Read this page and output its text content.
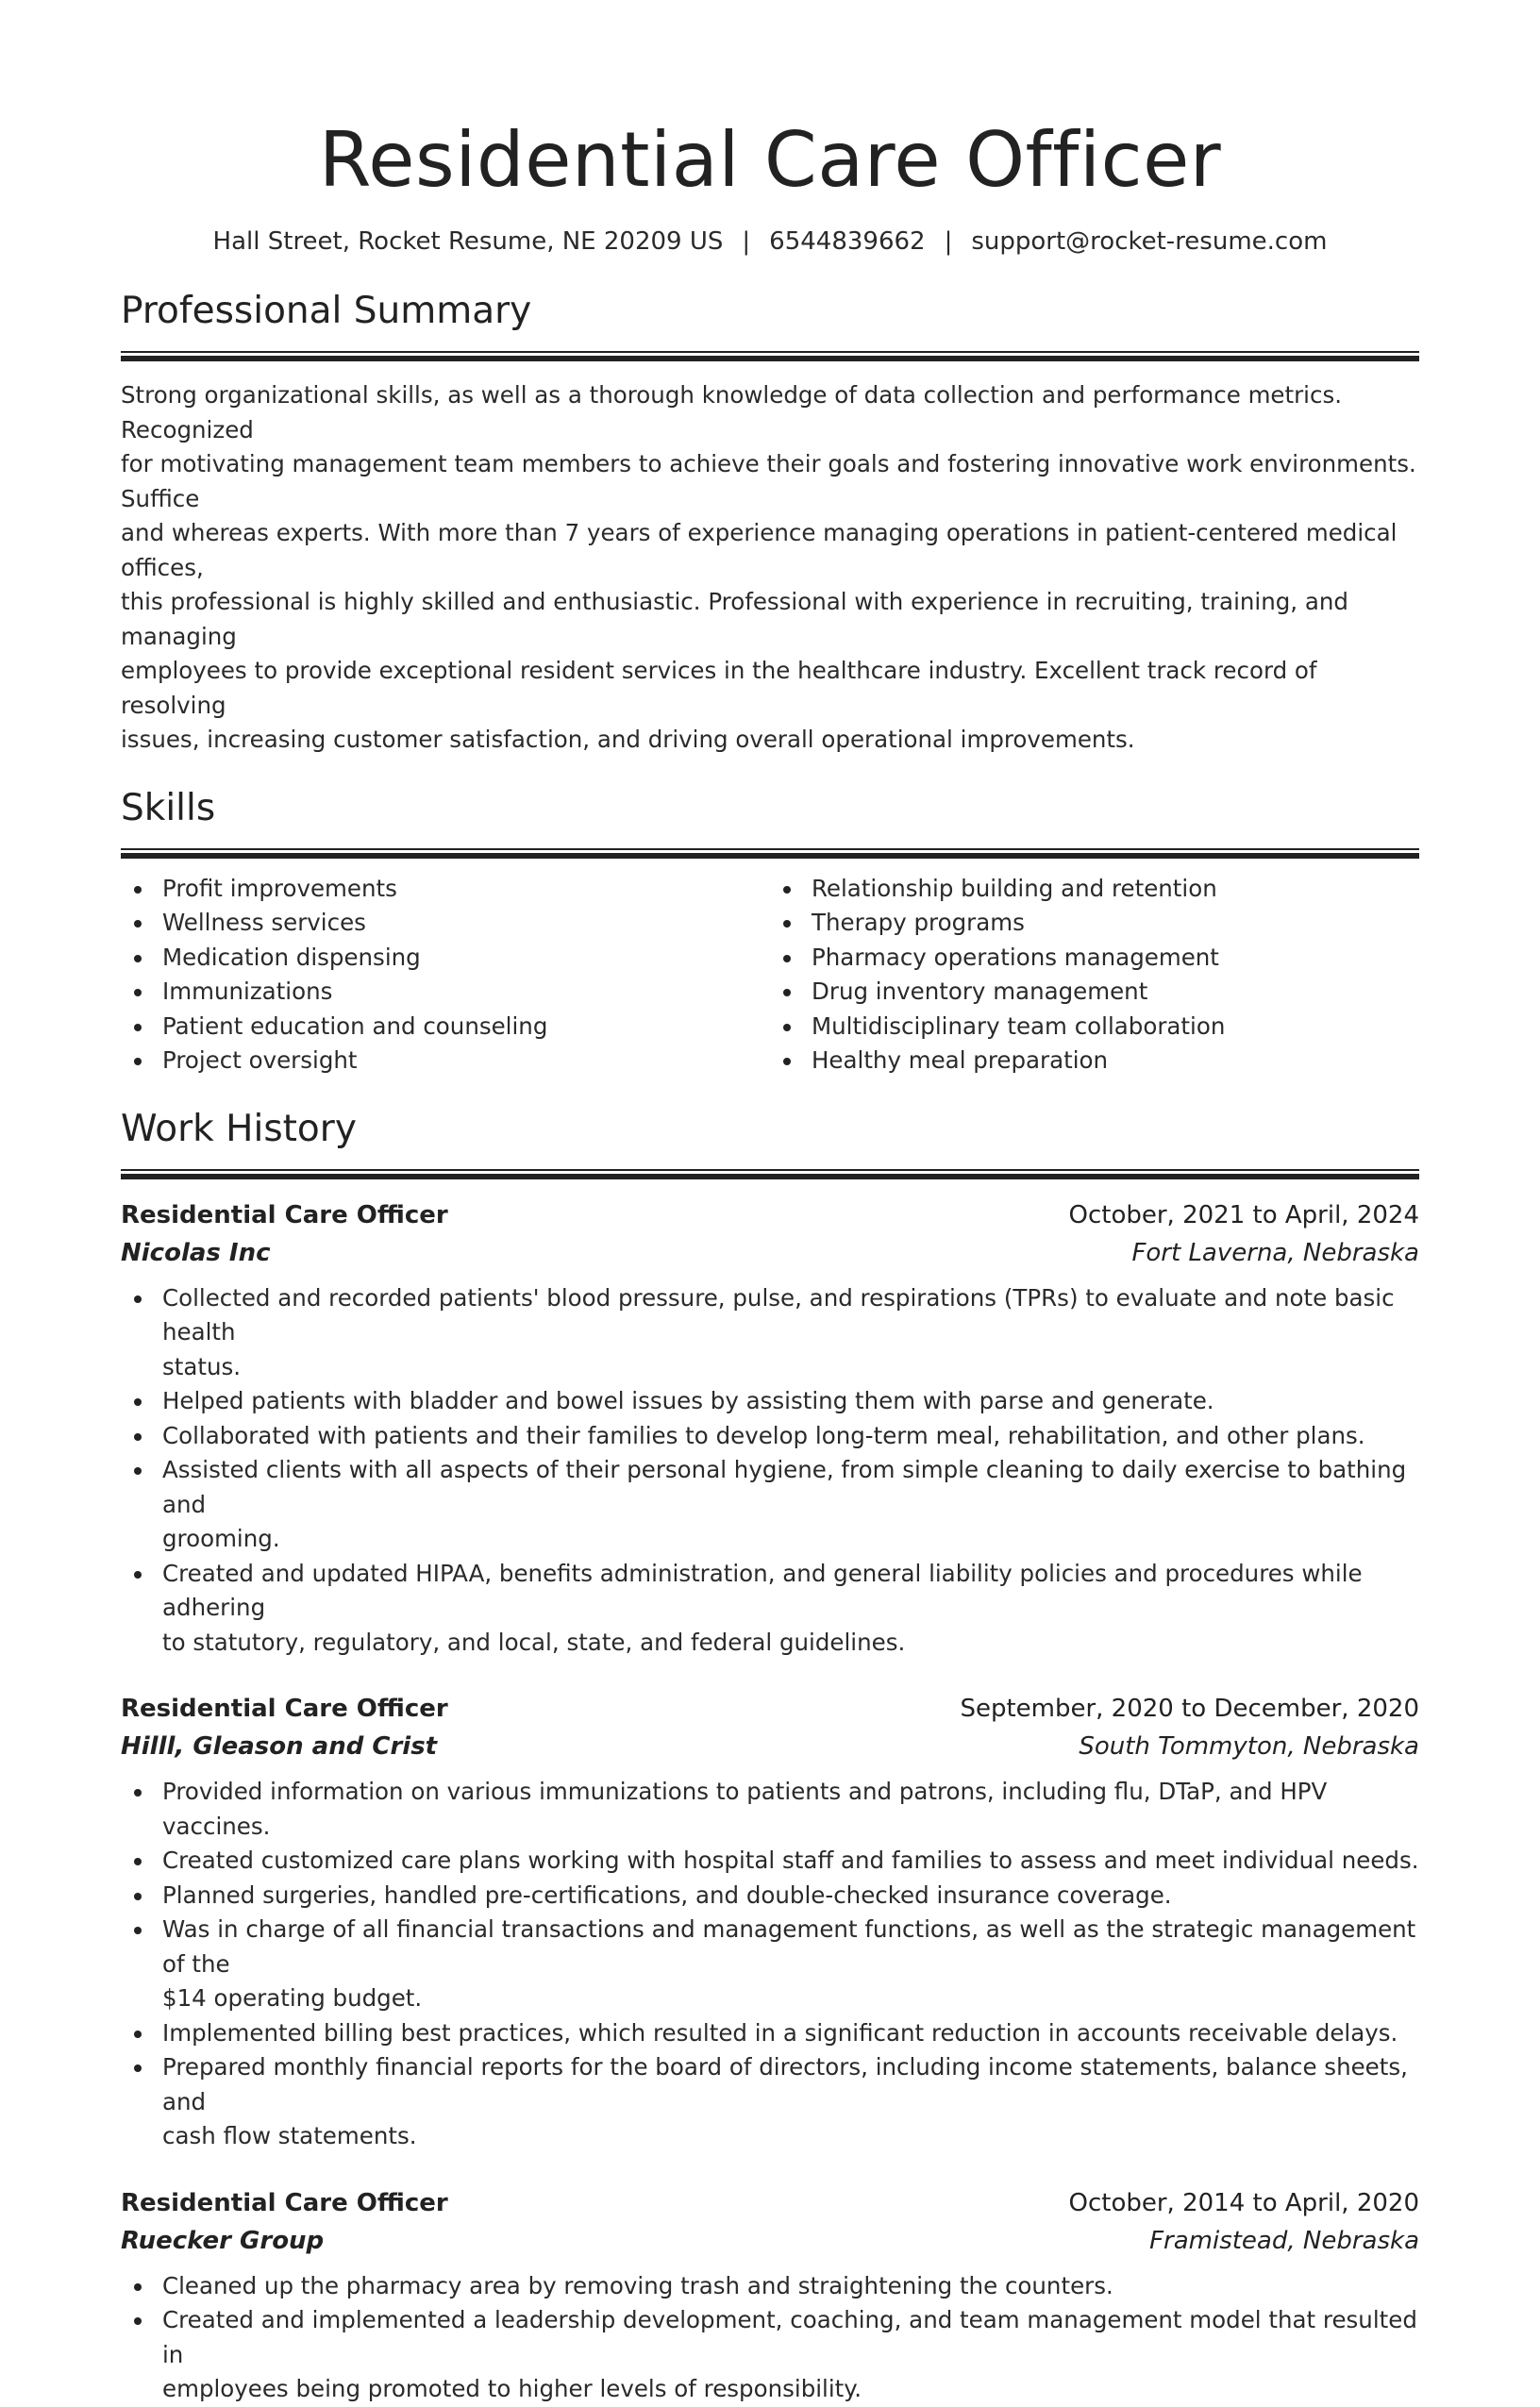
Residential Care Officer
Hall Street, Rocket Resume, NE 20209 US | 6544839662 | support@rocket-resume.com
Professional Summary

Strong organizational skills, as well as a thorough knowledge of data collection and performance metrics. Recognized
for motivating management team members to achieve their goals and fostering innovative work environments. Suffice
and whereas experts. With more than 7 years of experience managing operations in patient-centered medical offices,
this professional is highly skilled and enthusiastic. Professional with experience in recruiting, training, and managing
employees to provide exceptional resident services in the healthcare industry. Excellent track record of resolving
issues, increasing customer satisfaction, and driving overall operational improvements.

Skills
Profit improvements
Wellness services
Medication dispensing
Immunizations
Patient education and counseling
Project oversight
Relationship building and retention
Therapy programs
Pharmacy operations management
Drug inventory management
Multidisciplinary team collaboration
Healthy meal preparation
Work History
Residential Care Officer	October, 2021 to April, 2024
Nicolas Inc	Fort Laverna, Nebraska
Collected and recorded patients' blood pressure, pulse, and respirations (TPRs) to evaluate and note basic health
status.
Helped patients with bladder and bowel issues by assisting them with parse and generate.
Collaborated with patients and their families to develop long-term meal, rehabilitation, and other plans.
Assisted clients with all aspects of their personal hygiene, from simple cleaning to daily exercise to bathing and
grooming.
Created and updated HIPAA, benefits administration, and general liability policies and procedures while adhering
to statutory, regulatory, and local, state, and federal guidelines.
Residential Care Officer	September, 2020 to December, 2020
Hilll, Gleason and Crist	South Tommyton, Nebraska
Provided information on various immunizations to patients and patrons, including flu, DTaP, and HPV vaccines.
Created customized care plans working with hospital staff and families to assess and meet individual needs.
Planned surgeries, handled pre-certifications, and double-checked insurance coverage.
Was in charge of all financial transactions and management functions, as well as the strategic management of the
$14 operating budget.
Implemented billing best practices, which resulted in a significant reduction in accounts receivable delays.
Prepared monthly financial reports for the board of directors, including income statements, balance sheets, and
cash flow statements.
Residential Care Officer	October, 2014 to April, 2020
Ruecker Group	Framistead, Nebraska
Cleaned up the pharmacy area by removing trash and straightening the counters.
Created and implemented a leadership development, coaching, and team management model that resulted in
employees being promoted to higher levels of responsibility.
